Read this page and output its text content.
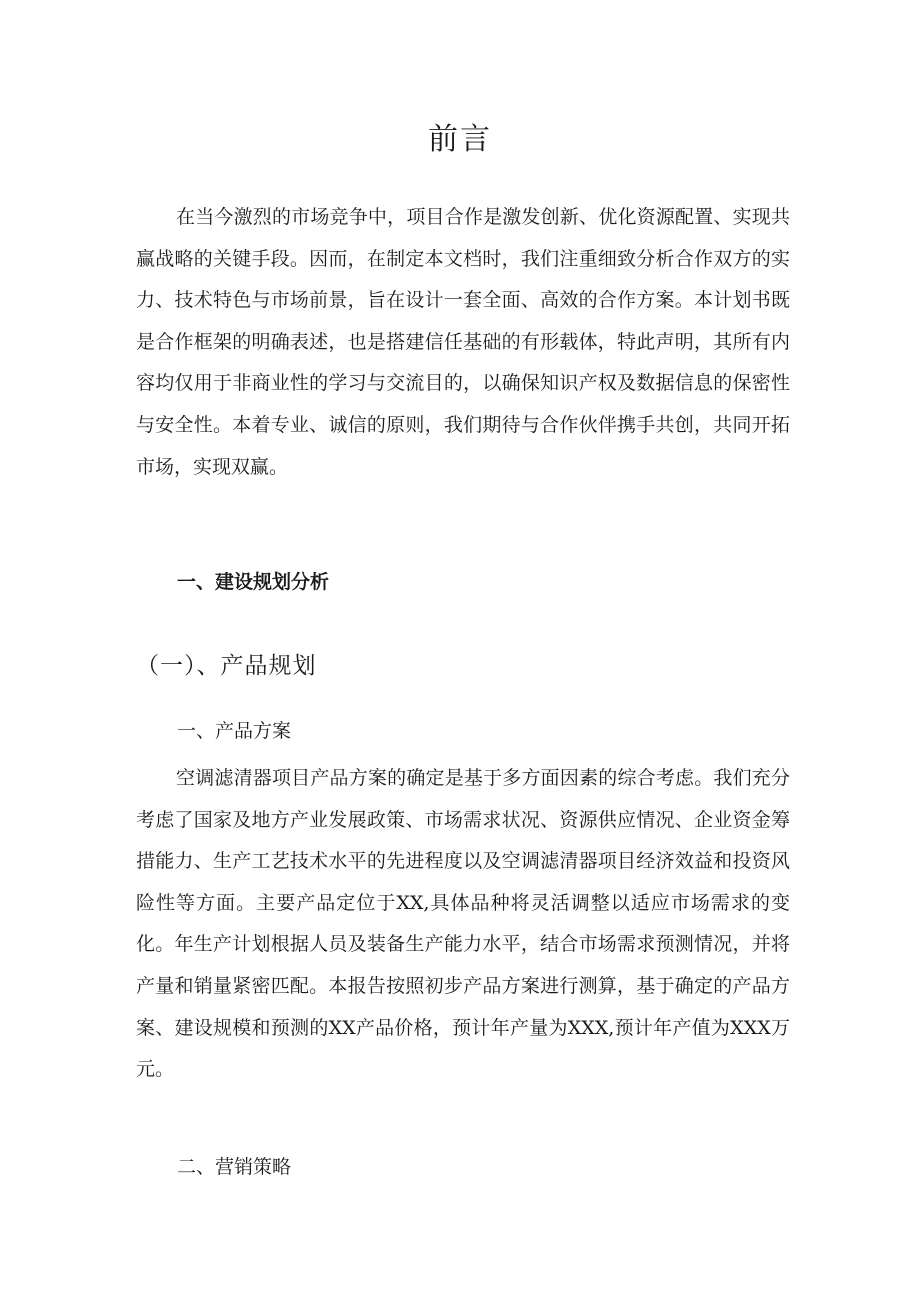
前言

在当今激烈的市场竞争中，项目合作是激发创新、优化资源配置、实现共赢战略的关键手段。因而，在制定本文档时，我们注重细致分析合作双方的实力、技术特色与市场前景，旨在设计一套全面、高效的合作方案。本计划书既是合作框架的明确表述，也是搭建信任基础的有形载体，特此声明，其所有内容均仅用于非商业性的学习与交流目的，以确保知识产权及数据信息的保密性与安全性。本着专业、诚信的原则，我们期待与合作伙伴携手共创，共同开拓市场，实现双赢。

一、建设规划分析
（一）、产品规划
一、产品方案

空调滤清器项目产品方案的确定是基于多方面因素的综合考虑。我们充分考虑了国家及地方产业发展政策、市场需求状况、资源供应情况、企业资金筹措能力、生产工艺技术水平的先进程度以及空调滤清器项目经济效益和投资风险性等方面。主要产品定位于XX,具体品种将灵活调整以适应市场需求的变化。年生产计划根据人员及装备生产能力水平，结合市场需求预测情况，并将产量和销量紧密匹配。本报告按照初步产品方案进行测算，基于确定的产品方案、建设规模和预测的XX产品价格，预计年产量为XXX,预计年产值为XXX万元。

二、营销策略
